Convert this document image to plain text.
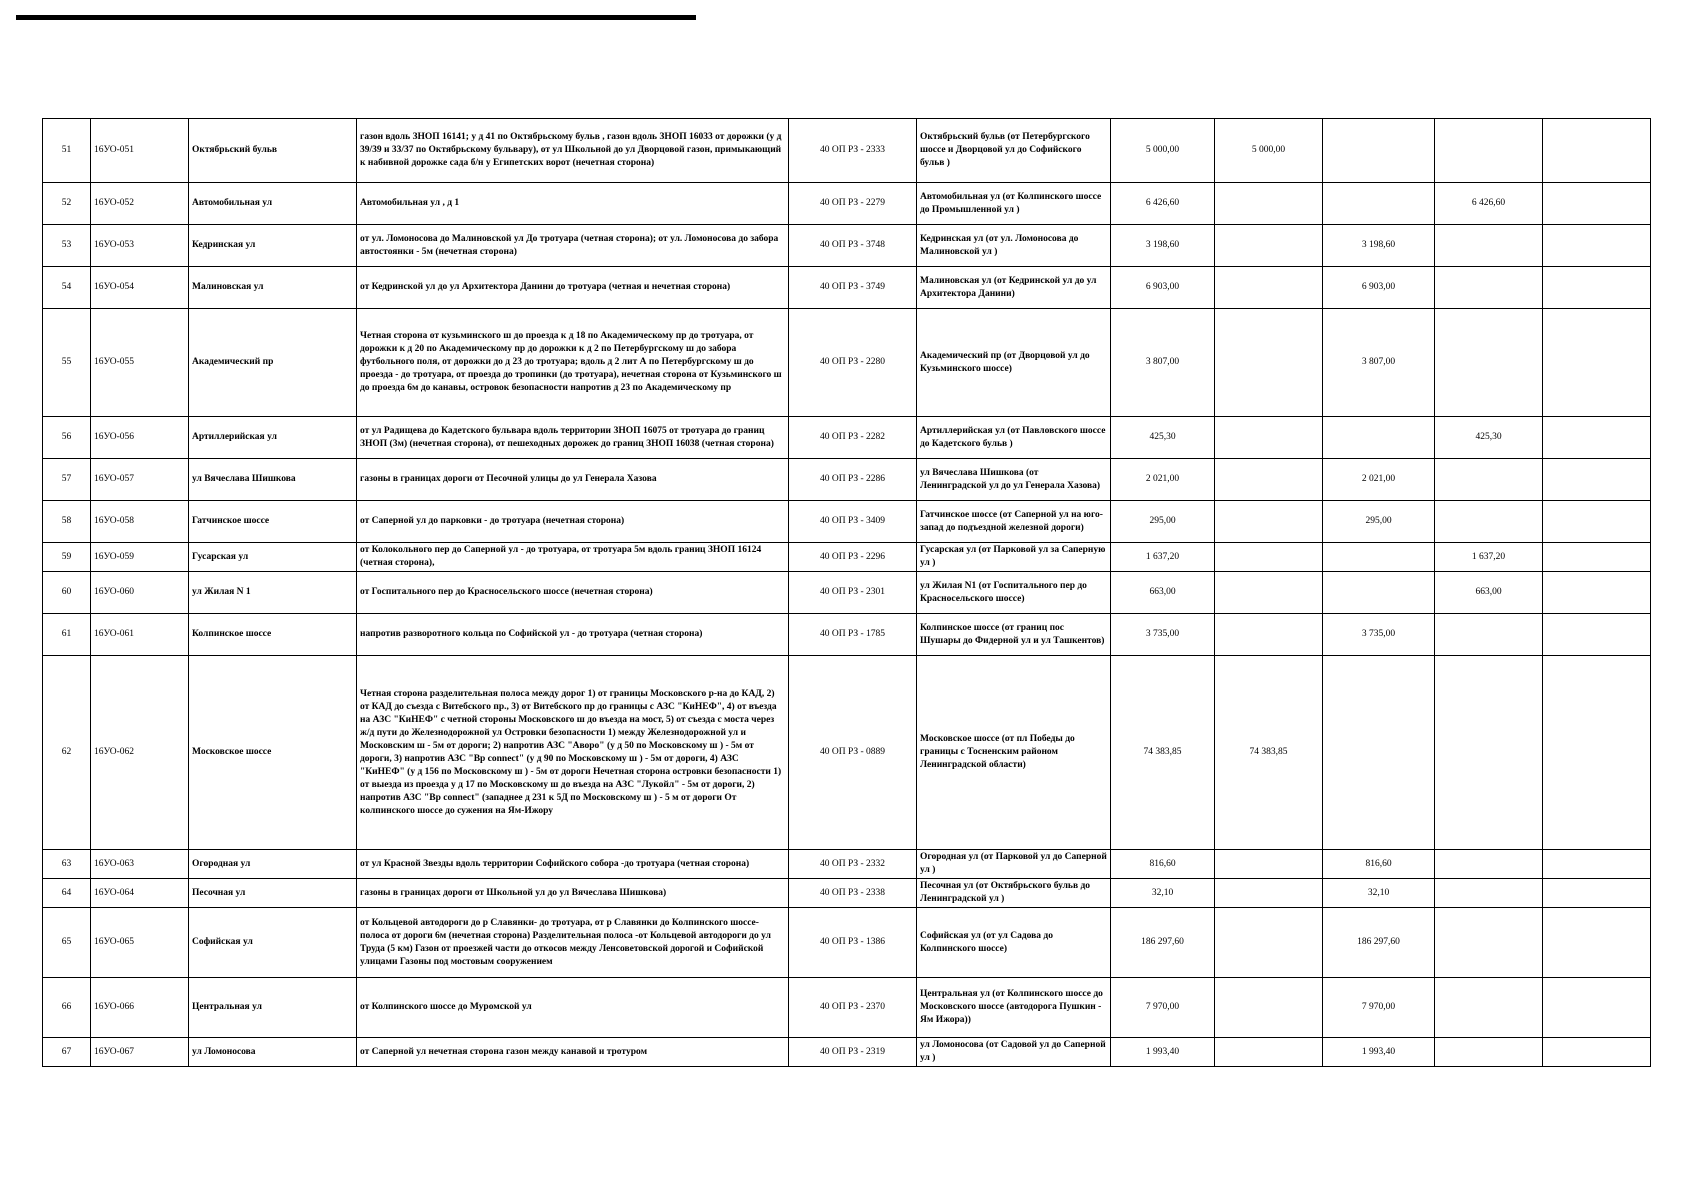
51	16УО-051	Октябрьский бульв	газон вдоль ЗНОП 16141; у д 41 по Октябрьскому бульв , газон вдоль ЗНОП 16033 от дорожки (у д 39/39 и 33/37 по Октябрьскому бульвару), от ул Школьной до ул Дворцовой газон, примыкающий к набивной дорожке сада б/н у Египетских ворот (нечетная сторона)	40 ОП РЗ - 2333	Октябрьский бульв (от Петербургского шоссе и Дворцовой ул до Софийского бульв )	5 000,00	5 000,00			
52	16УО-052	Автомобильная ул	Автомобильная ул , д 1	40 ОП РЗ - 2279	Автомобильная ул (от Колпинского шоссе до Промышленной ул )	6 426,60			6 426,60	
53	16УО-053	Кедринская ул	от ул. Ломоносова до Малиновской ул До тротуара (четная сторона); от ул. Ломоносова до забора автостоянки - 5м (нечетная сторона)	40 ОП РЗ - 3748	Кедринская ул (от ул. Ломоносова до Малиновской ул )	3 198,60		3 198,60		
54	16УО-054	Малиновская ул	от Кедринской ул до ул Архитектора Данини до тротуара (четная и нечетная сторона)	40 ОП РЗ - 3749	Малиновская ул (от Кедринской ул до ул Архитектора Данини)	6 903,00		6 903,00		
55	16УО-055	Академический пр	Четная сторона от кузьминского ш до проезда к д 18 по Академическому пр до тротуара, от дорожки к д 20 по Академическому пр до дорожки к д 2 по Петербургскому ш до забора футбольного поля, от дорожки до д 23 до тротуара; вдоль д 2 лит А по Петербургскому ш до проезда - до тротуара, от проезда до тропинки (до тротуара), нечетная сторона от Кузьминского ш до проезда 6м до канавы, островок безопасности напротив д 23 по Академическому пр	40 ОП РЗ - 2280	Академический пр (от Дворцовой ул до Кузьминского шоссе)	3 807,00		3 807,00		
56	16УО-056	Артиллерийская ул	от ул Радищева до Кадетского бульвара вдоль территории ЗНОП 16075 от тротуара до границ ЗНОП (3м) (нечетная сторона), от пешеходных дорожек до границ ЗНОП 16038 (четная сторона)	40 ОП РЗ - 2282	Артиллерийская ул (от Павловского шоссе до Кадетского бульв )	425,30			425,30	
57	16УО-057	ул Вячеслава Шишкова	газоны в границах дороги от Песочной улицы до ул Генерала Хазова	40 ОП РЗ - 2286	ул Вячеслава Шишкова (от Ленинградской ул до ул Генерала Хазова)	2 021,00		2 021,00		
58	16УО-058	Гатчинское шоссе	от Саперной ул до парковки - до тротуара (нечетная сторона)	40 ОП РЗ - 3409	Гатчинское шоссе (от Саперной ул на юго-запад до подъездной железной дороги)	295,00		295,00		
59	16УО-059	Гусарская ул	от Колокольного пер до Саперной ул - до тротуара, от тротуара 5м вдоль границ ЗНОП 16124 (четная сторона),	40 ОП РЗ - 2296	Гусарская ул (от Парковой ул за Саперную ул )	1 637,20			1 637,20	
60	16УО-060	ул Жилая N 1	от Госпитального пер до Красносельского шоссе (нечетная сторона)	40 ОП РЗ - 2301	ул Жилая N1 (от Госпитального пер до Красносельского шоссе)	663,00			663,00	
61	16УО-061	Колпинское шоссе	напротив разворотного кольца по Софийской ул - до тротуара (четная сторона)	40 ОП РЗ - 1785	Колпинское шоссе (от границ пос Шушары до Фидерной ул и ул Ташкентов)	3 735,00		3 735,00		
62	16УО-062	Московское шоссе	Четная сторона разделительная полоса между дорог 1) от границы Московского р-на до КАД, 2) от КАД до съезда с Витебского пр., 3) от Витебского пр до границы с АЗС "КиНЕФ", 4) от въезда на АЗС "КиНЕФ" с четной стороны Московского ш до въезда на мост, 5) от съезда с моста через ж/д пути до Железнодорожной ул Островки безопасности 1) между Железнодорожной ул и Московским ш - 5м от дороги; 2) напротив АЗС "Аворо" (у д 50 по Московскому ш ) - 5м от дороги, 3) напротив АЗС "Вр connect" (у д 90 по Московскому ш ) - 5м от дороги, 4) АЗС "КиНЕФ" (у д 156 по Московскому ш ) - 5м от дороги Нечетная сторона островки безопасности 1) от выезда из проезда у д 17 по Московскому ш до въезда на АЗС "Лукойл" - 5м от дороги, 2) напротив АЗС "Вр connect" (западнее д 231 к 5Д по Московскому ш ) - 5 м от дороги От колпинского шоссе до сужения на Ям-Ижору	40 ОП РЗ - 0889	Московское шоссе (от пл Победы до границы с Тосненским районом Ленинградской области)	74 383,85	74 383,85			
63	16УО-063	Огородная ул	от ул Красной Звезды вдоль территории Софийского собора -до тротуара (четная сторона)	40 ОП РЗ - 2332	Огородная ул (от Парковой ул до Саперной ул )	816,60		816,60		
64	16УО-064	Песочная ул	газоны в границах дороги от Школьной ул до ул Вячеслава Шишкова)	40 ОП РЗ - 2338	Песочная ул (от Октябрьского бульв до Ленинградской ул )	32,10		32,10		
65	16УО-065	Софийская ул	от Кольцевой автодороги до р Славянки- до тротуара, от р Славянки до Колпинского шоссе-полоса от дороги 6м (нечетная сторона) Разделительная полоса -от Кольцевой автодороги до ул Труда (5 км) Газон от проезжей части до откосов между Ленсоветовской дорогой и Софийской улицами Газоны под мостовым сооружением	40 ОП РЗ - 1386	Софийская ул (от ул Садова до Колпинского шоссе)	186 297,60		186 297,60		
66	16УО-066	Центральная ул	от Колпинского шоссе до Муромской ул	40 ОП РЗ - 2370	Центральная ул (от Колпинского шоссе до Московского шоссе (автодорога Пушкин - Ям Ижора))	7 970,00		7 970,00		
67	16УО-067	ул Ломоносова	от Саперной ул нечетная сторона газон между канавой и тротуром	40 ОП РЗ - 2319	ул Ломоносова (от Садовой ул до Саперной ул )	1 993,40		1 993,40		
